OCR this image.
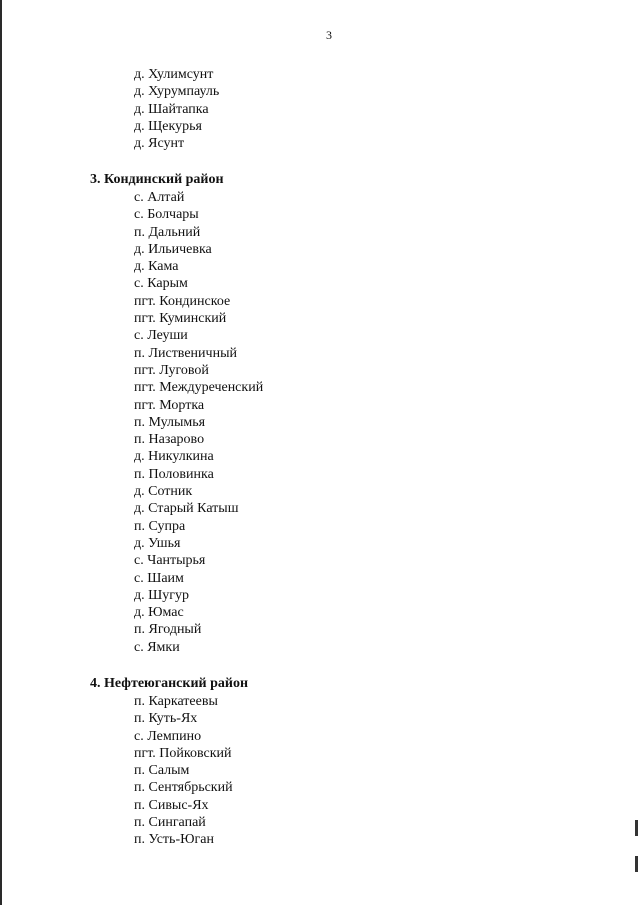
3
д. Хулимсунт
д. Хурумпауль
д. Шайтапка
д. Щекурья
д. Ясунт
3. Кондинский район
с. Алтай
с. Болчары
п. Дальний
д. Ильичевка
д. Кама
с. Карым
пгт. Кондинское
пгт. Куминский
с. Леуши
п. Лиственичный
пгт. Луговой
пгт. Междуреченский
пгт. Мортка
п. Мулымья
п. Назарово
д. Никулкина
п. Половинка
д. Сотник
д. Старый Катыш
п. Супра
д. Ушья
с. Чантырья
с. Шаим
д. Шугур
д. Юмас
п. Ягодный
с. Ямки
4. Нефтеюганский район
п. Каркатеевы
п. Куть-Ях
с. Лемпино
пгт. Пойковский
п. Салым
п. Сентябрьский
п. Сивыс-Ях
п. Сингапай
п. Усть-Юган
